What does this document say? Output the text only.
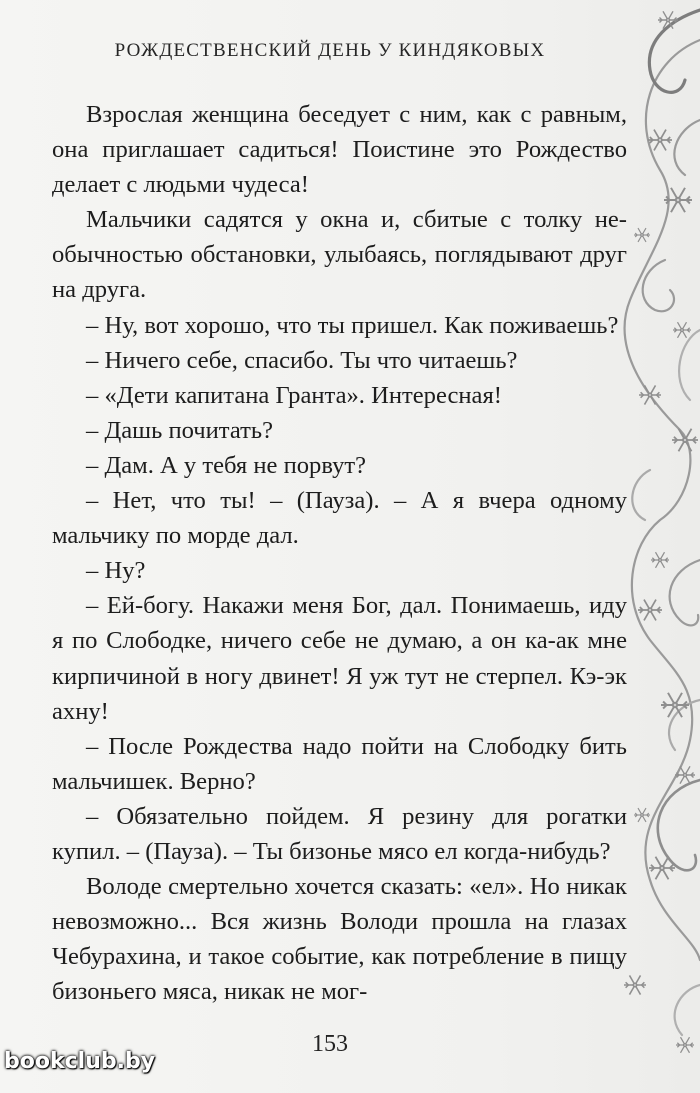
РОЖДЕСТВЕНСКИЙ ДЕНЬ У КИНДЯКОВЫХ

Взрослая женщина беседует с ним, как с равным, она приглашает садиться! Поистине это Рождество делает с людьми чудеса!

Мальчики садятся у окна и, сбитые с толку необычностью обстановки, улыбаясь, поглядывают друг на друга.

– Ну, вот хорошо, что ты пришел. Как поживаешь?

– Ничего себе, спасибо. Ты что читаешь?

– «Дети капитана Гранта». Интересная!

– Дашь почитать?

– Дам. А у тебя не порвут?

– Нет, что ты! – (Пауза). – А я вчера одному мальчику по морде дал.

– Ну?

– Ей-богу. Накажи меня Бог, дал. Понимаешь, иду я по Слободке, ничего себе не думаю, а он ка-ак мне кирпичиной в ногу двинет! Я уж тут не стерпел. Кэ-эк ахну!

– После Рождества надо пойти на Слободку бить мальчишек. Верно?

– Обязательно пойдем. Я резину для рогатки купил. – (Пауза). – Ты бизонье мясо ел когда-нибудь?

Володе смертельно хочется сказать: «ел». Но никак невозможно... Вся жизнь Володи прошла на глазах Чебурахина, и такое событие, как потребление в пищу бизоньего мяса, никак не мог-

153
bookclub.by
